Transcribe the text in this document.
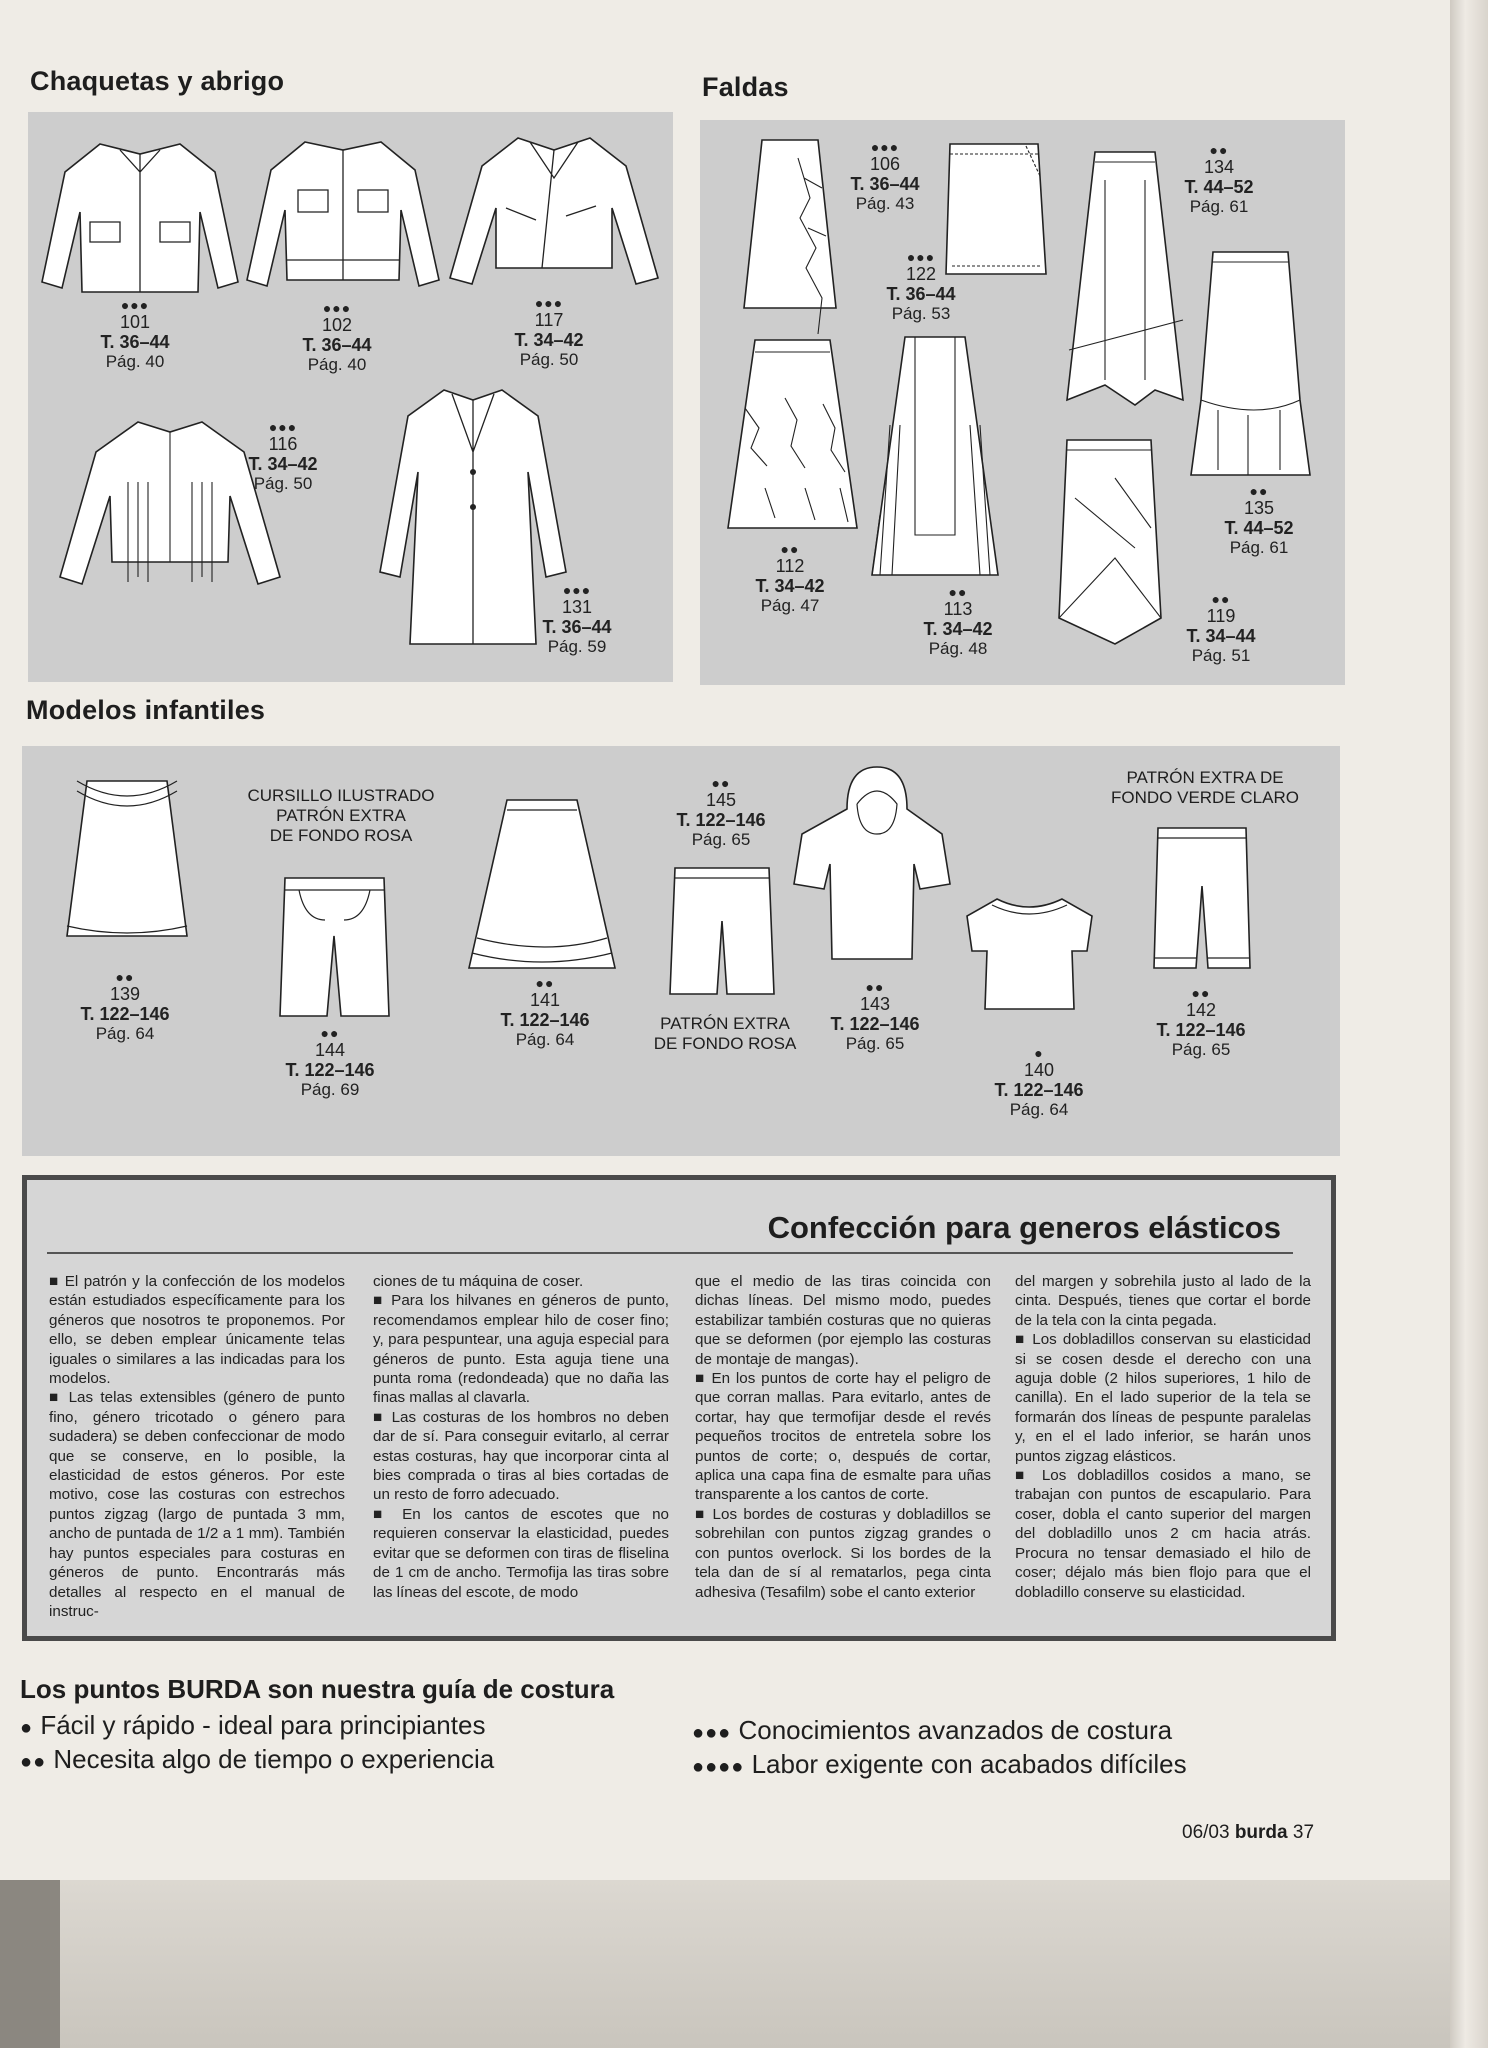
Chaquetas y abrigo	Faldas
Modelos infantiles
●●●
101
T. 36–44
Pág. 40
●●●
102
T. 36–44
Pág. 40
●●●
117
T. 34–42
Pág. 50
●●●
116
T. 34–42
Pág. 50
●●●
131
T. 36–44
Pág. 59
●●●
106
T. 36–44
Pág. 43
●●
134
T. 44–52
Pág. 61
●●●
122
T. 36–44
Pág. 53
●●
112
T. 34–42
Pág. 47
●●
113
T. 34–42
Pág. 48
●●
135
T. 44–52
Pág. 61
●●
119
T. 34–44
Pág. 51
CURSILLO ILUSTRADO
PATRÓN EXTRA
DE FONDO ROSA
PATRÓN EXTRA
DE FONDO ROSA
PATRÓN EXTRA DE
FONDO VERDE CLARO
●●
139
T. 122–146
Pág. 64	●●
144
T. 122–146
Pág. 69
●●
141
T. 122–146
Pág. 64
●●
145
T. 122–146
Pág. 65
●●
143
T. 122–146
Pág. 65	●
140
T. 122–146
Pág. 64
●●
142
T. 122–146
Pág. 65
Confección para generos elásticos

■ El patrón y la confección de los modelos están estudiados específicamente para los géneros que nosotros te proponemos. Por ello, se deben emplear únicamente telas iguales o similares a las indicadas para los modelos.
■ Las telas extensibles (género de punto fino, género tricotado o género para sudadera) se deben confeccionar de modo que se conserve, en lo posible, la elasticidad de estos géneros. Por este motivo, cose las costuras con estrechos puntos zigzag (largo de puntada 3 mm, ancho de puntada de 1/2 a 1 mm). También hay puntos especiales para costuras en géneros de punto. Encontrarás más detalles al respecto en el manual de instruc-

ciones de tu máquina de coser.
■ Para los hilvanes en géneros de punto, recomendamos emplear hilo de coser fino; y, para pespuntear, una aguja especial para géneros de punto. Esta aguja tiene una punta roma (redondeada) que no daña las finas mallas al clavarla.
■ Las costuras de los hombros no deben dar de sí. Para conseguir evitarlo, al cerrar estas costuras, hay que incorporar cinta al bies comprada o tiras al bies cortadas de un resto de forro adecuado.
■ En los cantos de escotes que no requieren conservar la elasticidad, puedes evitar que se deformen con tiras de fliselina de 1 cm de ancho. Termofija las tiras sobre las líneas del escote, de modo

que el medio de las tiras coincida con dichas líneas. Del mismo modo, puedes estabilizar también costuras que no quieras que se deformen (por ejemplo las costuras de montaje de mangas).
■ En los puntos de corte hay el peligro de que corran mallas. Para evitarlo, antes de cortar, hay que termofijar desde el revés pequeños trocitos de entretela sobre los puntos de corte; o, después de cortar, aplica una capa fina de esmalte para uñas transparente a los cantos de corte.
■ Los bordes de costuras y dobladillos se sobrehilan con puntos zigzag grandes o con puntos overlock. Si los bordes de la tela dan de sí al rematarlos, pega cinta adhesiva (Tesafilm) sobe el canto exterior

del margen y sobrehila justo al lado de la cinta. Después, tienes que cortar el borde de la tela con la cinta pegada.
■ Los dobladillos conservan su elasticidad si se cosen desde el derecho con una aguja doble (2 hilos superiores, 1 hilo de canilla). En el lado superior de la tela se formarán dos líneas de pespunte paralelas y, en el el lado inferior, se harán unos puntos zigzag elásticos.
■ Los dobladillos cosidos a mano, se trabajan con puntos de escapulario. Para coser, dobla el canto superior del margen del dobladillo unos 2 cm hacia atrás. Procura no tensar demasiado el hilo de coser; déjalo más bien flojo para que el dobladillo conserve su elasticidad.

Los puntos BURDA son nuestra guía de costura
● Fácil y rápido - ideal para principiantes
●● Necesita algo de tiempo o experiencia
●●● Conocimientos avanzados de costura
●●●● Labor exigente con acabados difíciles
06/03 burda 37
